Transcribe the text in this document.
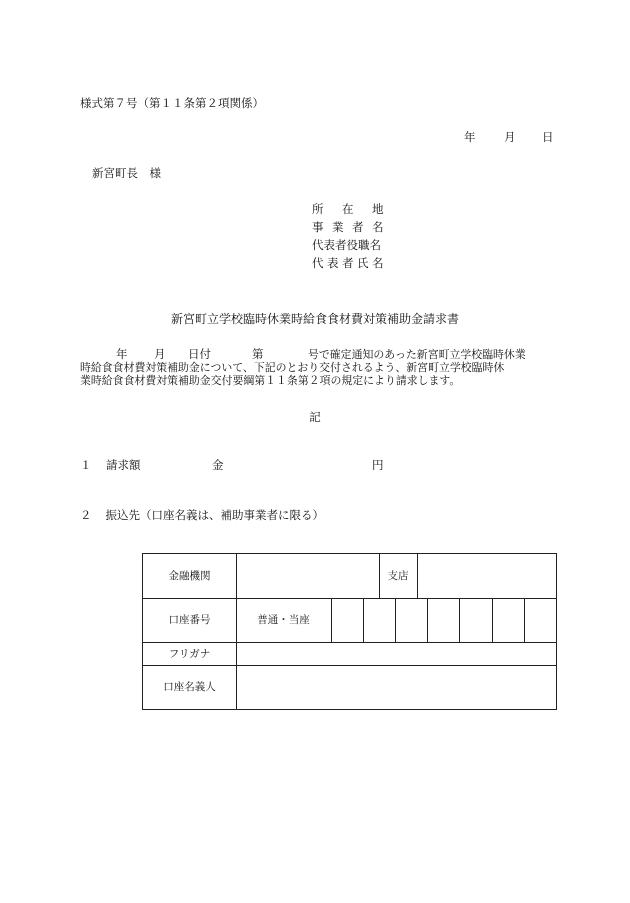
様式第７号（第１１条第２項関係）
年 月 日
新宮町長　様
所 在 地
事 業 者 名
代表者役職名
代 表 者 氏 名
新宮町立学校臨時休業時給食食材費対策補助金請求書
年 月 日付	第	号で確定通知のあった新宮町立学校臨時休業
時給食食材費対策補助金について、下記のとおり交付されるよう、新宮町立学校臨時休
業時給食食材費対策補助金交付要綱第１１条第２項の規定により請求します。
記
１ 請求額	金	円
２ 振込先（口座名義は、補助事業者に限る）
金融機関	支店
口座番号	普通・当座
フリガナ
口座名義人
